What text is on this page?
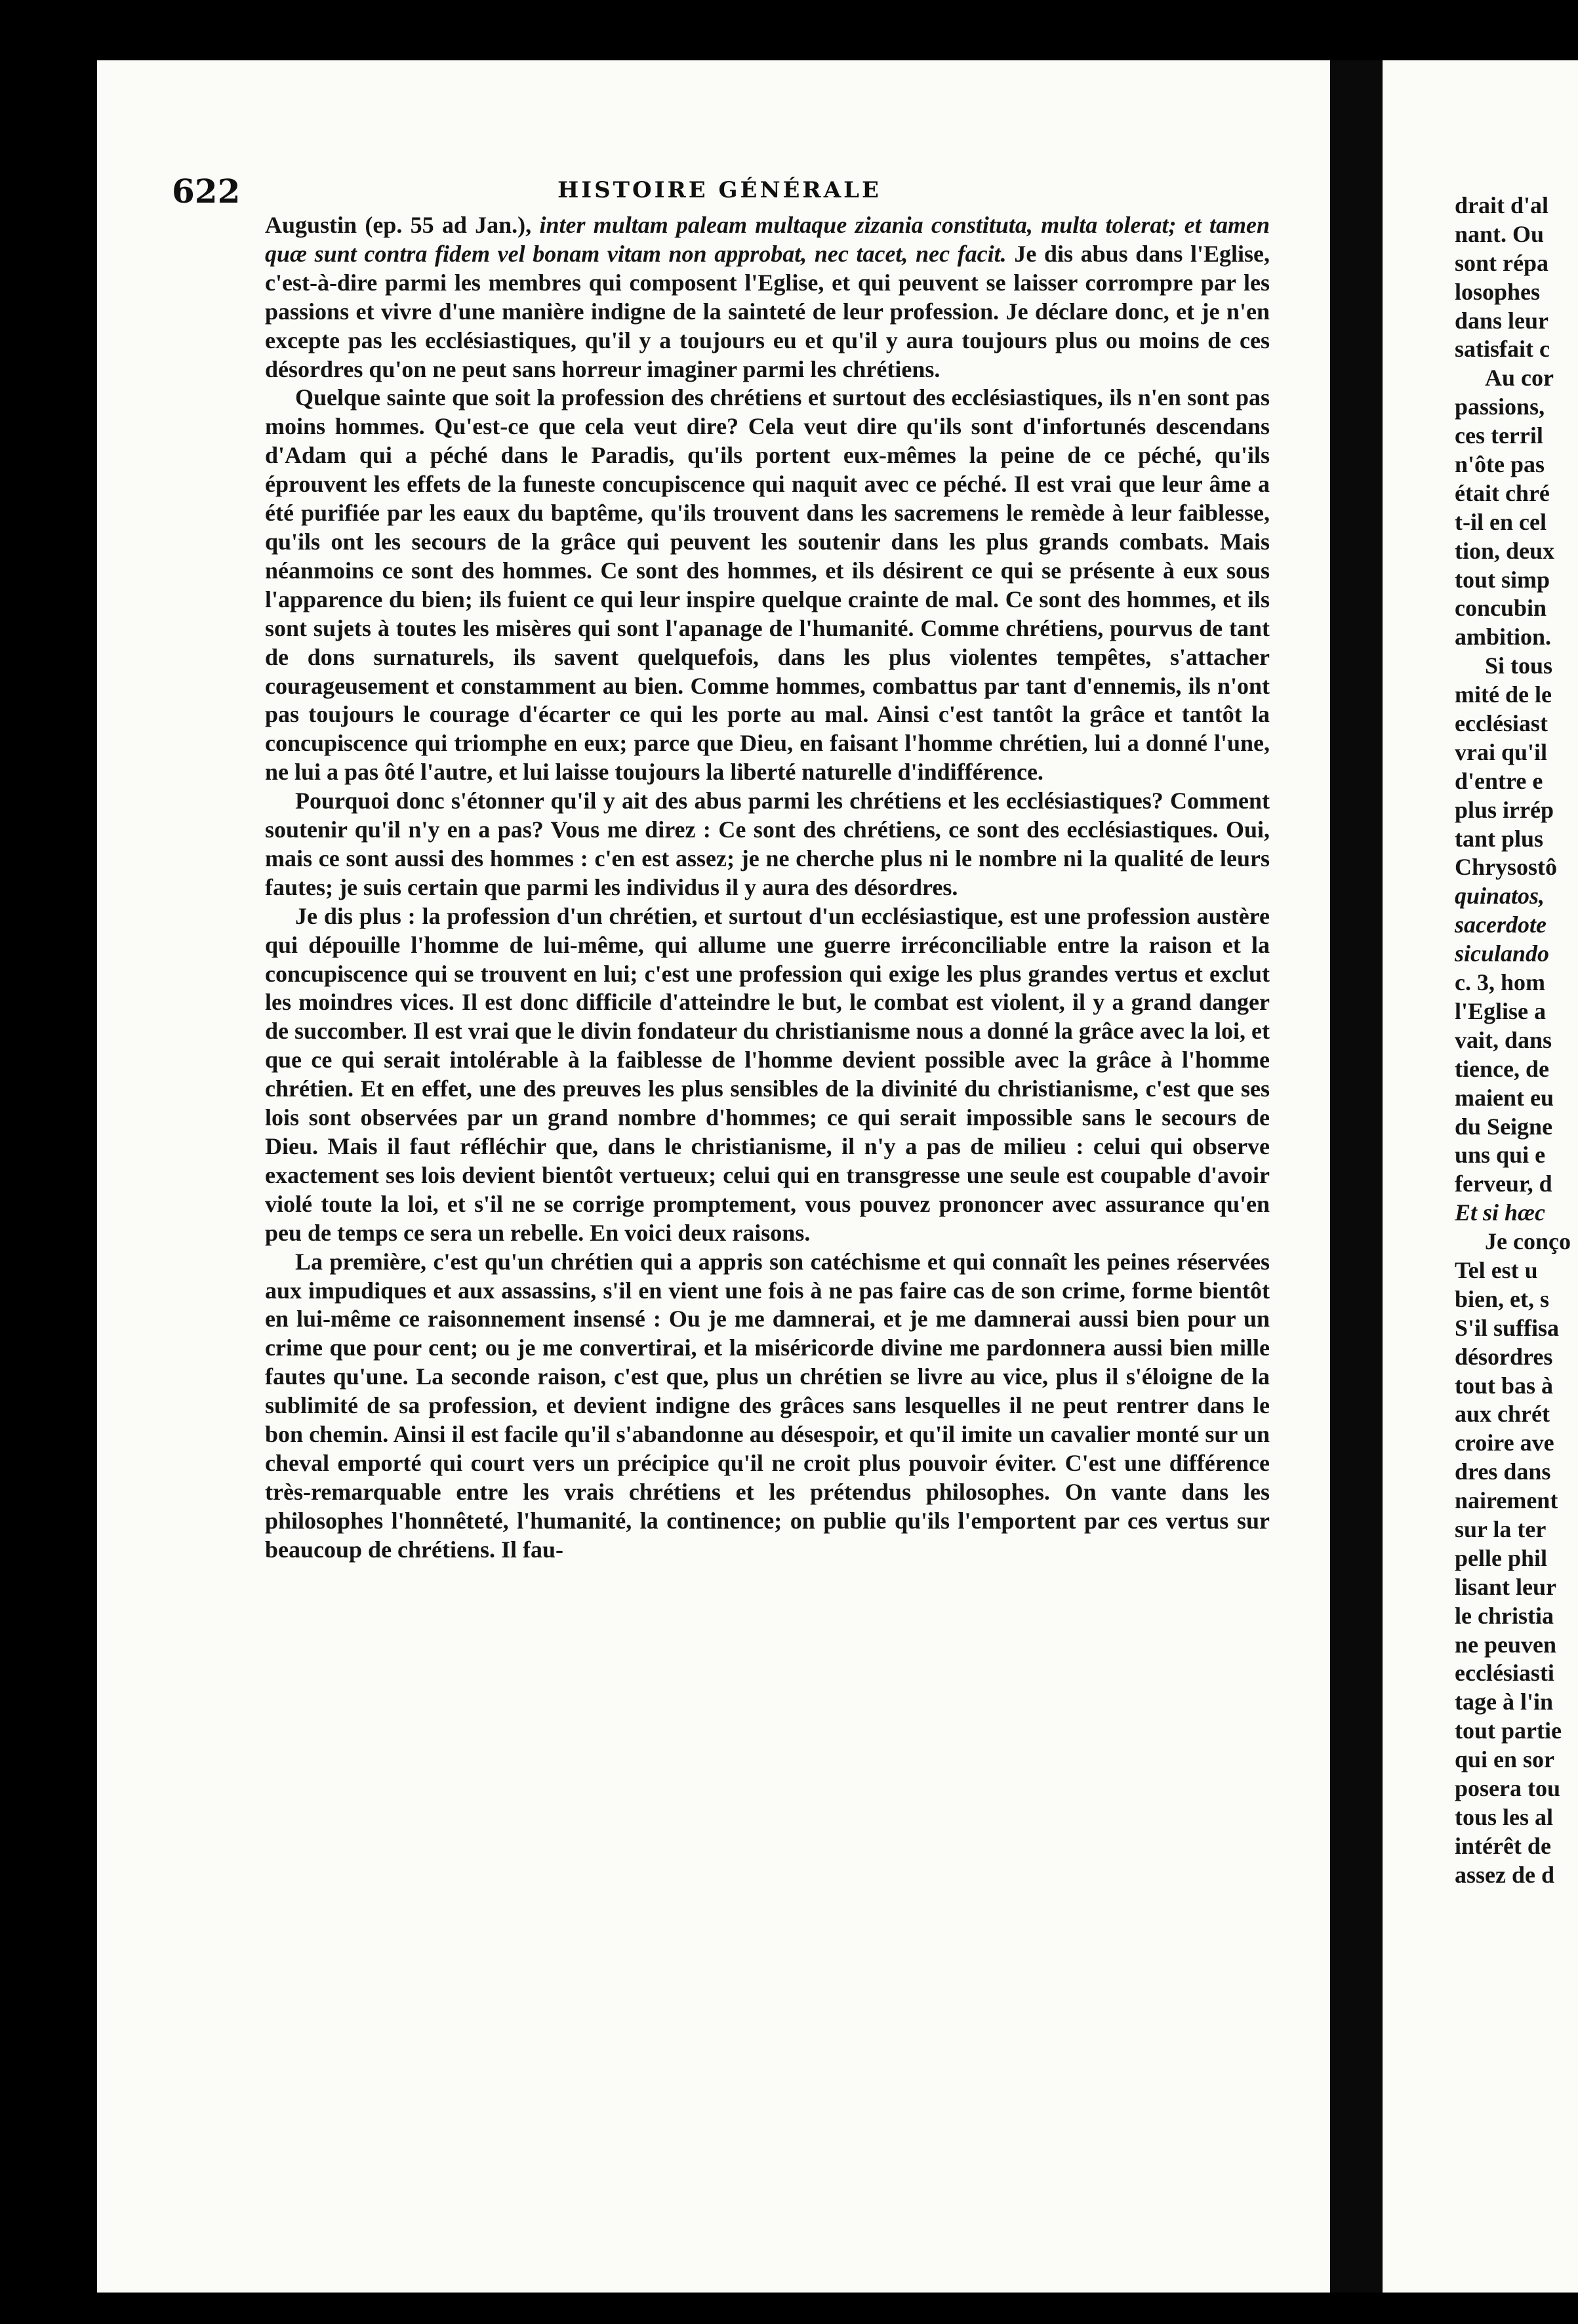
622	HISTOIRE GÉNÉRALE

Augustin (ep. 55 ad Jan.), inter multam paleam multaque zizania constituta, multa tolerat; et tamen quæ sunt contra fidem vel bonam vitam non approbat, nec tacet, nec facit. Je dis abus dans l'Eglise, c'est-à-dire parmi les membres qui composent l'Eglise, et qui peuvent se laisser corrompre par les passions et vivre d'une manière indigne de la sainteté de leur profession. Je déclare donc, et je n'en excepte pas les ecclésiastiques, qu'il y a toujours eu et qu'il y aura toujours plus ou moins de ces désordres qu'on ne peut sans horreur imaginer parmi les chrétiens.

Quelque sainte que soit la profession des chrétiens et surtout des ecclésiastiques, ils n'en sont pas moins hommes. Qu'est-ce que cela veut dire? Cela veut dire qu'ils sont d'infortunés descendans d'Adam qui a péché dans le Paradis, qu'ils portent eux-mêmes la peine de ce péché, qu'ils éprouvent les effets de la funeste concupiscence qui naquit avec ce péché. Il est vrai que leur âme a été purifiée par les eaux du baptême, qu'ils trouvent dans les sacremens le remède à leur faiblesse, qu'ils ont les secours de la grâce qui peuvent les soutenir dans les plus grands combats. Mais néanmoins ce sont des hommes. Ce sont des hommes, et ils désirent ce qui se présente à eux sous l'apparence du bien; ils fuient ce qui leur inspire quelque crainte de mal. Ce sont des hommes, et ils sont sujets à toutes les misères qui sont l'apanage de l'humanité. Comme chrétiens, pourvus de tant de dons surnaturels, ils savent quelquefois, dans les plus violentes tempêtes, s'attacher courageusement et constamment au bien. Comme hommes, combattus par tant d'ennemis, ils n'ont pas toujours le courage d'écarter ce qui les porte au mal. Ainsi c'est tantôt la grâce et tantôt la concupiscence qui triomphe en eux; parce que Dieu, en faisant l'homme chrétien, lui a donné l'une, ne lui a pas ôté l'autre, et lui laisse toujours la liberté naturelle d'indifférence.

Pourquoi donc s'étonner qu'il y ait des abus parmi les chrétiens et les ecclésiastiques? Comment soutenir qu'il n'y en a pas? Vous me direz : Ce sont des chrétiens, ce sont des ecclésiastiques. Oui, mais ce sont aussi des hommes : c'en est assez; je ne cherche plus ni le nombre ni la qualité de leurs fautes; je suis certain que parmi les individus il y aura des désordres.

Je dis plus : la profession d'un chrétien, et surtout d'un ecclésiastique, est une profession austère qui dépouille l'homme de lui-même, qui allume une guerre irréconciliable entre la raison et la concupiscence qui se trouvent en lui; c'est une profession qui exige les plus grandes vertus et exclut les moindres vices. Il est donc difficile d'atteindre le but, le combat est violent, il y a grand danger de succomber. Il est vrai que le divin fondateur du christianisme nous a donné la grâce avec la loi, et que ce qui serait intolérable à la faiblesse de l'homme devient possible avec la grâce à l'homme chrétien. Et en effet, une des preuves les plus sensibles de la divinité du christianisme, c'est que ses lois sont observées par un grand nombre d'hommes; ce qui serait impossible sans le secours de Dieu. Mais il faut réfléchir que, dans le christianisme, il n'y a pas de milieu : celui qui observe exactement ses lois devient bientôt vertueux; celui qui en transgresse une seule est coupable d'avoir violé toute la loi, et s'il ne se corrige promptement, vous pouvez prononcer avec assurance qu'en peu de temps ce sera un rebelle. En voici deux raisons.

La première, c'est qu'un chrétien qui a appris son catéchisme et qui connaît les peines réservées aux impudiques et aux assassins, s'il en vient une fois à ne pas faire cas de son crime, forme bientôt en lui-même ce raisonnement insensé : Ou je me damnerai, et je me damnerai aussi bien pour un crime que pour cent; ou je me convertirai, et la miséricorde divine me pardonnera aussi bien mille fautes qu'une. La seconde raison, c'est que, plus un chrétien se livre au vice, plus il s'éloigne de la sublimité de sa profession, et devient indigne des grâces sans lesquelles il ne peut rentrer dans le bon chemin. Ainsi il est facile qu'il s'abandonne au désespoir, et qu'il imite un cavalier monté sur un cheval emporté qui court vers un précipice qu'il ne croit plus pouvoir éviter. C'est une différence très-remarquable entre les vrais chrétiens et les prétendus philosophes. On vante dans les philosophes l'honnêteté, l'humanité, la continence; on publie qu'ils l'emportent par ces vertus sur beaucoup de chrétiens. Il fau-

drait d'al
nant. Ou
sont répa
losophes
dans leur
satisfait c
Au cor
passions,
ces terril
n'ôte pas
était chré
t-il en cel
tion, deux
tout simp
concubin
ambition.
Si tous
mité de le
ecclésiast
vrai qu'il
d'entre e
plus irrép
tant plus
Chrysostô
quinatos,
sacerdote
siculando
c. 3, hom
l'Eglise a
vait, dans
tience, de
maient eu
du Seigne
uns qui e
ferveur, d
Et si hæc
Je conço
Tel est u
bien, et, s
S'il suffisa
désordres
tout bas à
aux chrét
croire ave
dres dans
nairement
sur la ter
pelle phil
lisant leur
le christia
ne peuven
ecclésiasti
tage à l'in
tout partie
qui en sor
posera tou
tous les al
intérêt de
assez de d
